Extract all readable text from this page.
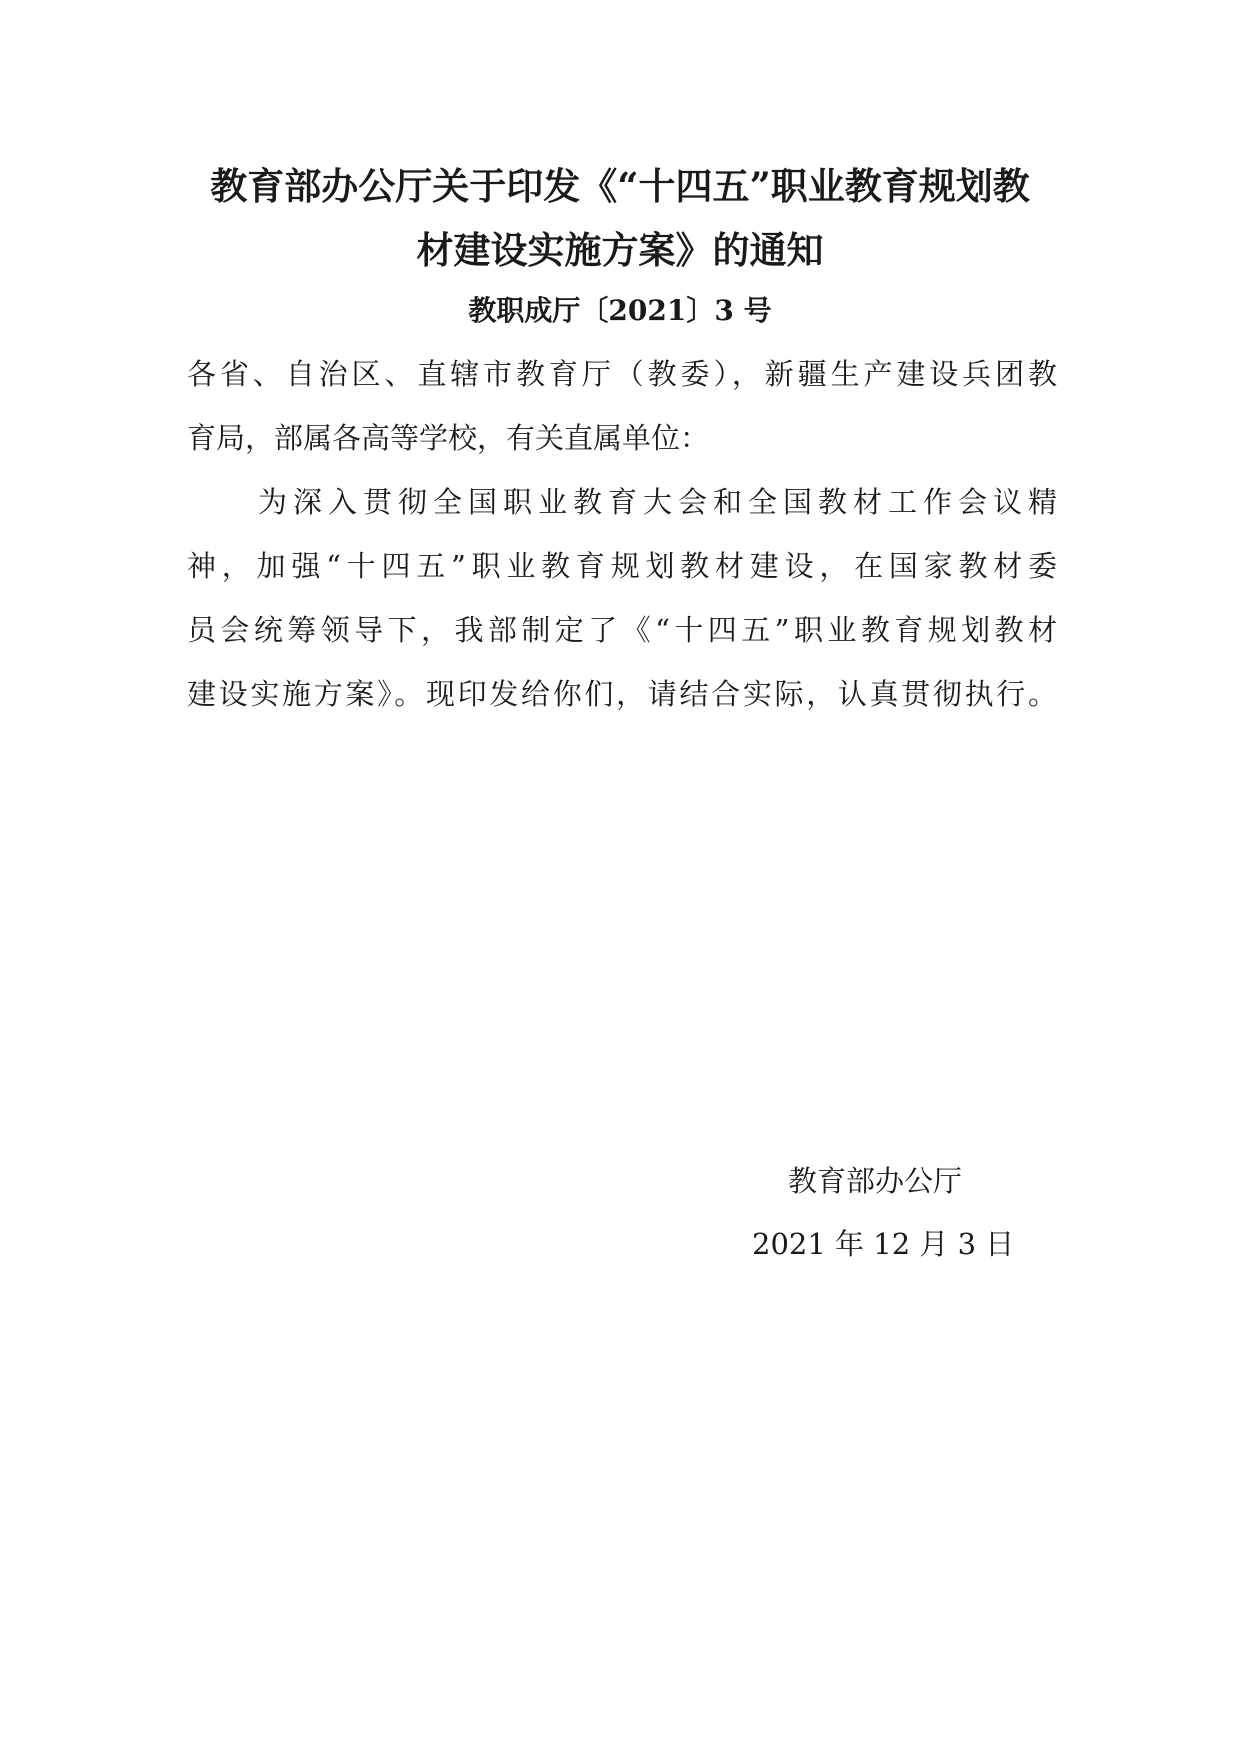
教育部办公厅关于印发《“十四五”职业教育规划教
材建设实施方案》的通知
教职成厅〔2021〕3 号
各省、自治区、直辖市教育厅（教委），新疆生产建设兵团教
育局，部属各高等学校，有关直属单位：
为深入贯彻全国职业教育大会和全国教材工作会议精
神，加强“十四五”职业教育规划教材建设，在国家教材委
员会统筹领导下，我部制定了《“十四五”职业教育规划教材
建设实施方案》。现印发给你们，请结合实际，认真贯彻执行。
教育部办公厅
2021 年 12 月 3 日
